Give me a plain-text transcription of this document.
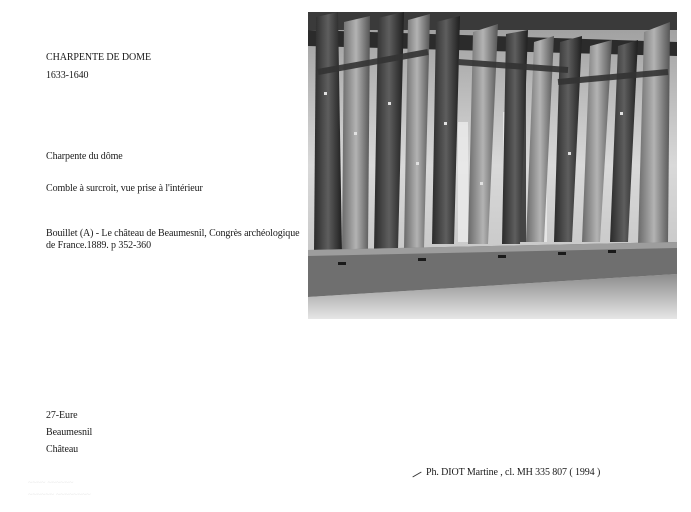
CHARPENTE DE DOME
1633-1640
Charpente du dôme
Comble à surcroit, vue prise à l'intérieur
Bouillet (A) - Le château de Beaumesnil, Congrès archéologique de France.1889. p 352-360
27-Eure
Beaumesnil
Château
Ph. DIOT Martine , cl. MH 335 807 ( 1994 )
~~~~ ~~~~~~
~~~~~~ ~~~~~~~~
